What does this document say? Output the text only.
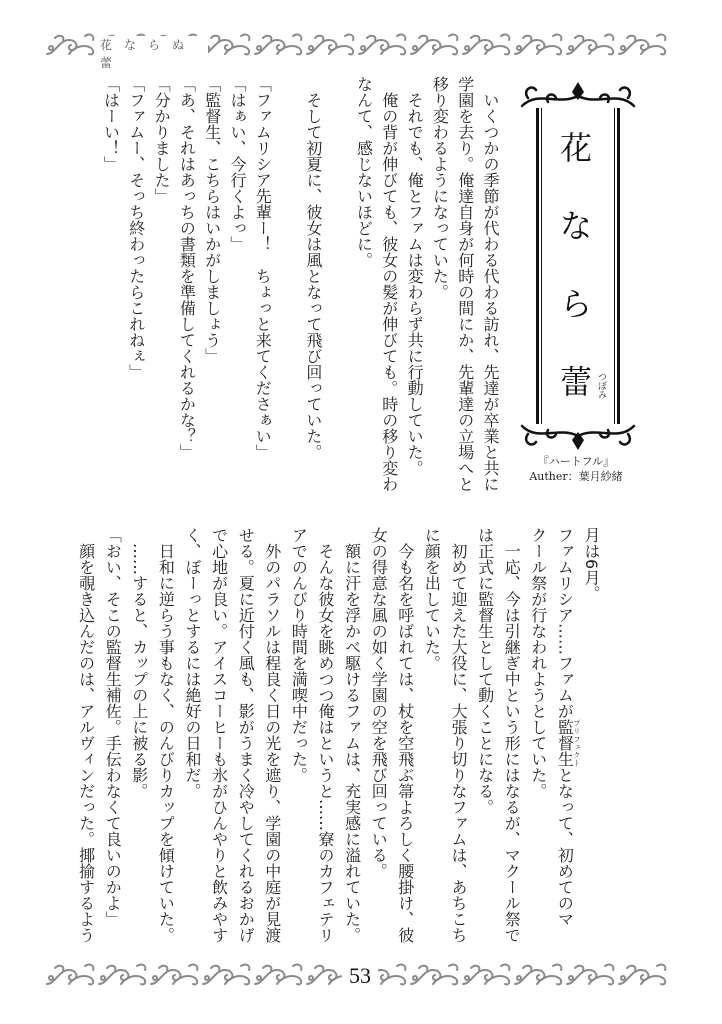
花ならぬ蕾
花
な
ら
蕾 つぼみ
『ハートフル』
Auther：葉月紗緒
　いくつかの季節が代わる代わる訪れ、先達が卒業と共に
学園を去り。俺達自身が何時の間にか、先輩達の立場へと
移り変わるようになっていた。
　それでも、俺とファムは変わらず共に行動していた。
　俺の背が伸びても、彼女の髪が伸びても。時の移り変わ
なんて、感じないほどに。
　そして初夏に、彼女は風となって飛び回っていた。
「ファムリシア先輩ー！　ちょっと来てくださぁい」
「はぁい、今行くよっ」
「監督生、こちらはいかがしましょう」
「あ、それはあっちの書類を準備してくれるかな？」
「分かりました」
「ファムー、そっち終わったらこれねぇ」
「はーい！」
月は6月。
ファムリシア……ファムが監督生プリフェクトとなって、初めてのマ
クール祭が行なわれようとしていた。
　一応、今は引継ぎ中という形にはなるが、マクール祭で
は正式に監督生として動くことになる。
　初めて迎えた大役に、大張り切りなファムは、あちこち
に顔を出していた。
　今も名を呼ばれては、杖を空飛ぶ箒よろしく腰掛け、彼
女の得意な風の如く学園の空を飛び回っている。
　額に汗を浮かべ駆けるファムは、充実感に溢れていた。
　そんな彼女を眺めつつ俺はというと……寮のカフェテリ
アでのんびり時間を満喫中だった。
　外のパラソルは程良く日の光を遮り、学園の中庭が見渡
せる。夏に近付く風も、影がうまく冷やしてくれるおかげ
で心地が良い。アイスコーヒーも氷がひんやりと飲みやす
く、ぼーっとするには絶好の日和だ。
　日和に逆らう事もなく、のんびりカップを傾けていた。
　……すると、カップの上に被る影。
「おい、そこの監督生補佐。手伝わなくて良いのかよ」
　顔を覗き込んだのは、アルヴィンだった。揶揄するよう
53
